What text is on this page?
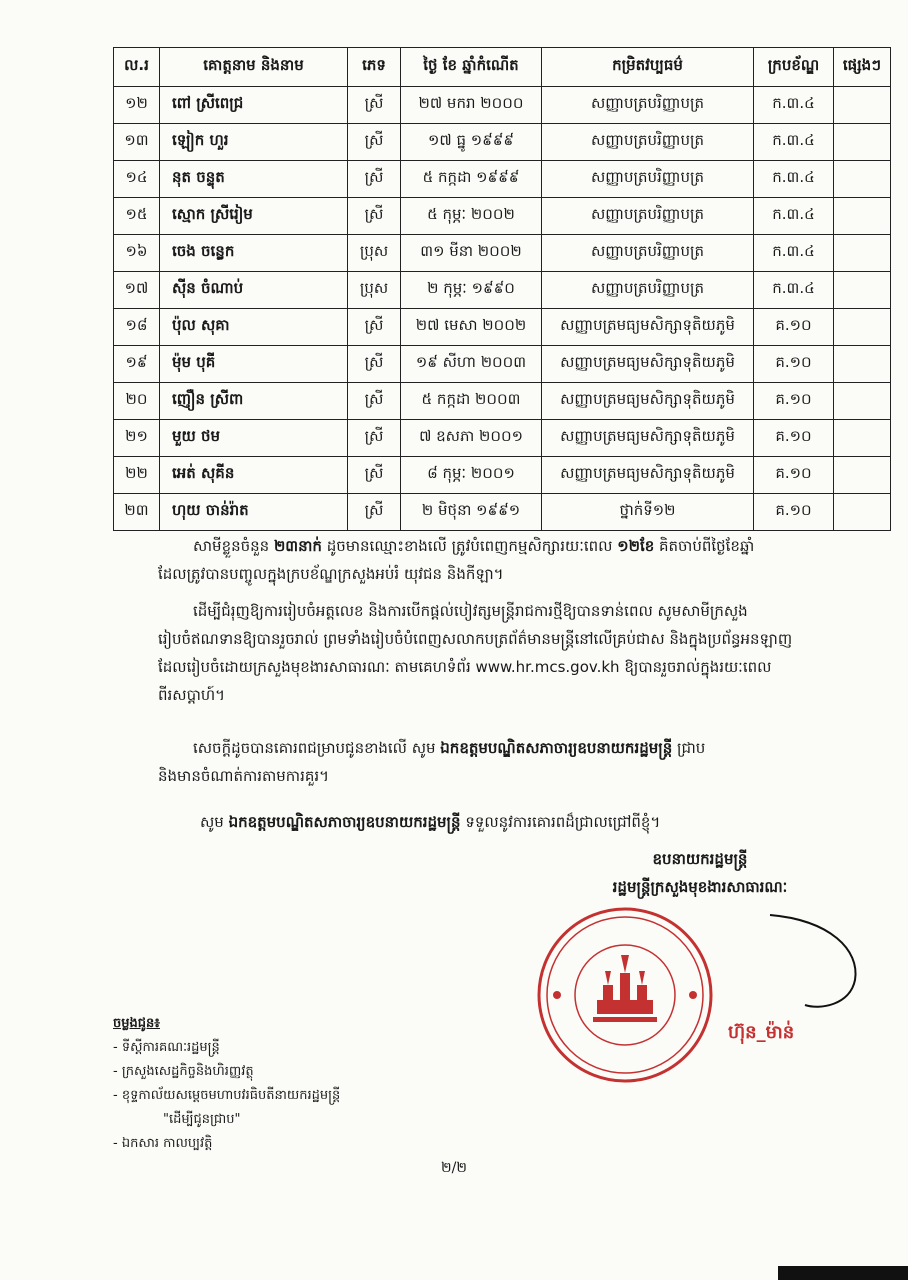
ល.រ	គោត្តនាម និងនាម	ភេទ	ថ្ងៃ ខែ ឆ្នាំកំណើត	កម្រិតវប្បធម៌	ក្របខ័ណ្ឌ	ផ្សេងៗ
១២	ពៅ ស្រីពេជ្រ	ស្រី	២៧ មករា ២០០០	សញ្ញាបត្របរិញ្ញាបត្រ	ក.៣.៤	
១៣	ឡៀក ហួរ	ស្រី	១៧ ធ្នូ ១៩៩៩	សញ្ញាបត្របរិញ្ញាបត្រ	ក.៣.៤	
១៤	នុត ចន្ទុត	ស្រី	៥ កក្កដា ១៩៩៩	សញ្ញាបត្របរិញ្ញាបត្រ	ក.៣.៤	
១៥	ស្មោក ស្រីរៀម	ស្រី	៥ កុម្ភៈ ២០០២	សញ្ញាបត្របរិញ្ញាបត្រ	ក.៣.៤	
១៦	ចេង ចន្ធេ្លក	ប្រុស	៣១ មីនា ២០០២	សញ្ញាបត្របរិញ្ញាបត្រ	ក.៣.៤	
១៧	ស៊ីន ចំណាប់	ប្រុស	២ កុម្ភៈ ១៩៩០	សញ្ញាបត្របរិញ្ញាបត្រ	ក.៣.៤	
១៨	ប៉ុល សុគា	ស្រី	២៧ មេសា ២០០២	សញ្ញាបត្រមធ្យមសិក្សាទុតិយភូមិ	គ.១០	
១៩	ម៉ុម បុគី	ស្រី	១៩ សីហា ២០០៣	សញ្ញាបត្រមធ្យមសិក្សាទុតិយភូមិ	គ.១០	
២០	ញឿន ស្រីពា	ស្រី	៥ កក្កដា ២០០៣	សញ្ញាបត្រមធ្យមសិក្សាទុតិយភូមិ	គ.១០	
២១	មួយ ថម	ស្រី	៧ ឧសភា ២០០១	សញ្ញាបត្រមធ្យមសិក្សាទុតិយភូមិ	គ.១០	
២២	អេត់ សុគីន	ស្រី	៨ កុម្ភៈ ២០០១	សញ្ញាបត្រមធ្យមសិក្សាទុតិយភូមិ	គ.១០	
២៣	ហុយ ចាន់រ៉ាត	ស្រី	២ មិថុនា ១៩៩១	ថ្នាក់ទី១២	គ.១០	
សាមីខ្លួនចំនួន ២៣នាក់ ដូចមានឈ្មោះខាងលើ ត្រូវបំពេញកម្មសិក្សារយៈពេល ១២ខែ គិតចាប់ពីថ្ងៃខែឆ្នាំ
ដែលត្រូវបានបញ្ចូលក្នុងក្របខ័ណ្ឌក្រសួងអប់រំ យុវជន និងកីឡា។
ដើម្បីជំរុញឱ្យការរៀបចំអត្តលេខ និងការបើកផ្តល់បៀវត្សមន្ត្រីរាជការថ្មីឱ្យបានទាន់ពេល សូមសាមីក្រសួង
រៀបចំឥណទានឱ្យបានរួចរាល់ ព្រមទាំងរៀបចំបំពេញសលាកបត្រព័ត៌មានមន្ត្រីនៅលើគ្រប់ជាស និងក្នុងប្រព័ន្ធអនឡាញ
ដែលរៀបចំដោយក្រសួងមុខងារសាធារណៈ តាមគេហទំព័រ www.hr.mcs.gov.kh ឱ្យបានរួចរាល់ក្នុងរយៈពេល
ពីរសប្តាហ៍។
សេចក្តីដូចបានគោរពជម្រាបជូនខាងលើ សូម ឯកឧត្តមបណ្ឌិតសភាចារ្យឧបនាយករដ្ឋមន្ត្រី ជ្រាប
និងមានចំណាត់ការតាមការគួរ។
សូម ឯកឧត្តមបណ្ឌិតសភាចារ្យឧបនាយករដ្ឋមន្ត្រី ទទួលនូវការគោរពដ៏ជ្រាលជ្រៅពីខ្ញុំ។
ឧបនាយករដ្ឋមន្ត្រី
រដ្ឋមន្ត្រីក្រសួងមុខងារសាធារណៈ
ហ៊ុន_ម៉ាន់
ចម្លងជូន៖
- ទីស្តីការគណៈរដ្ឋមន្ត្រី
- ក្រសួងសេដ្ឋកិច្ចនិងហិរញ្ញវត្ថុ
- ខុទ្ទកាល័យសម្តេចមហាបវរធិបតីនាយករដ្ឋមន្ត្រី
"ដើម្បីជូនជ្រាប"
- ឯកសារ កាលប្បវត្តិ
២/២
